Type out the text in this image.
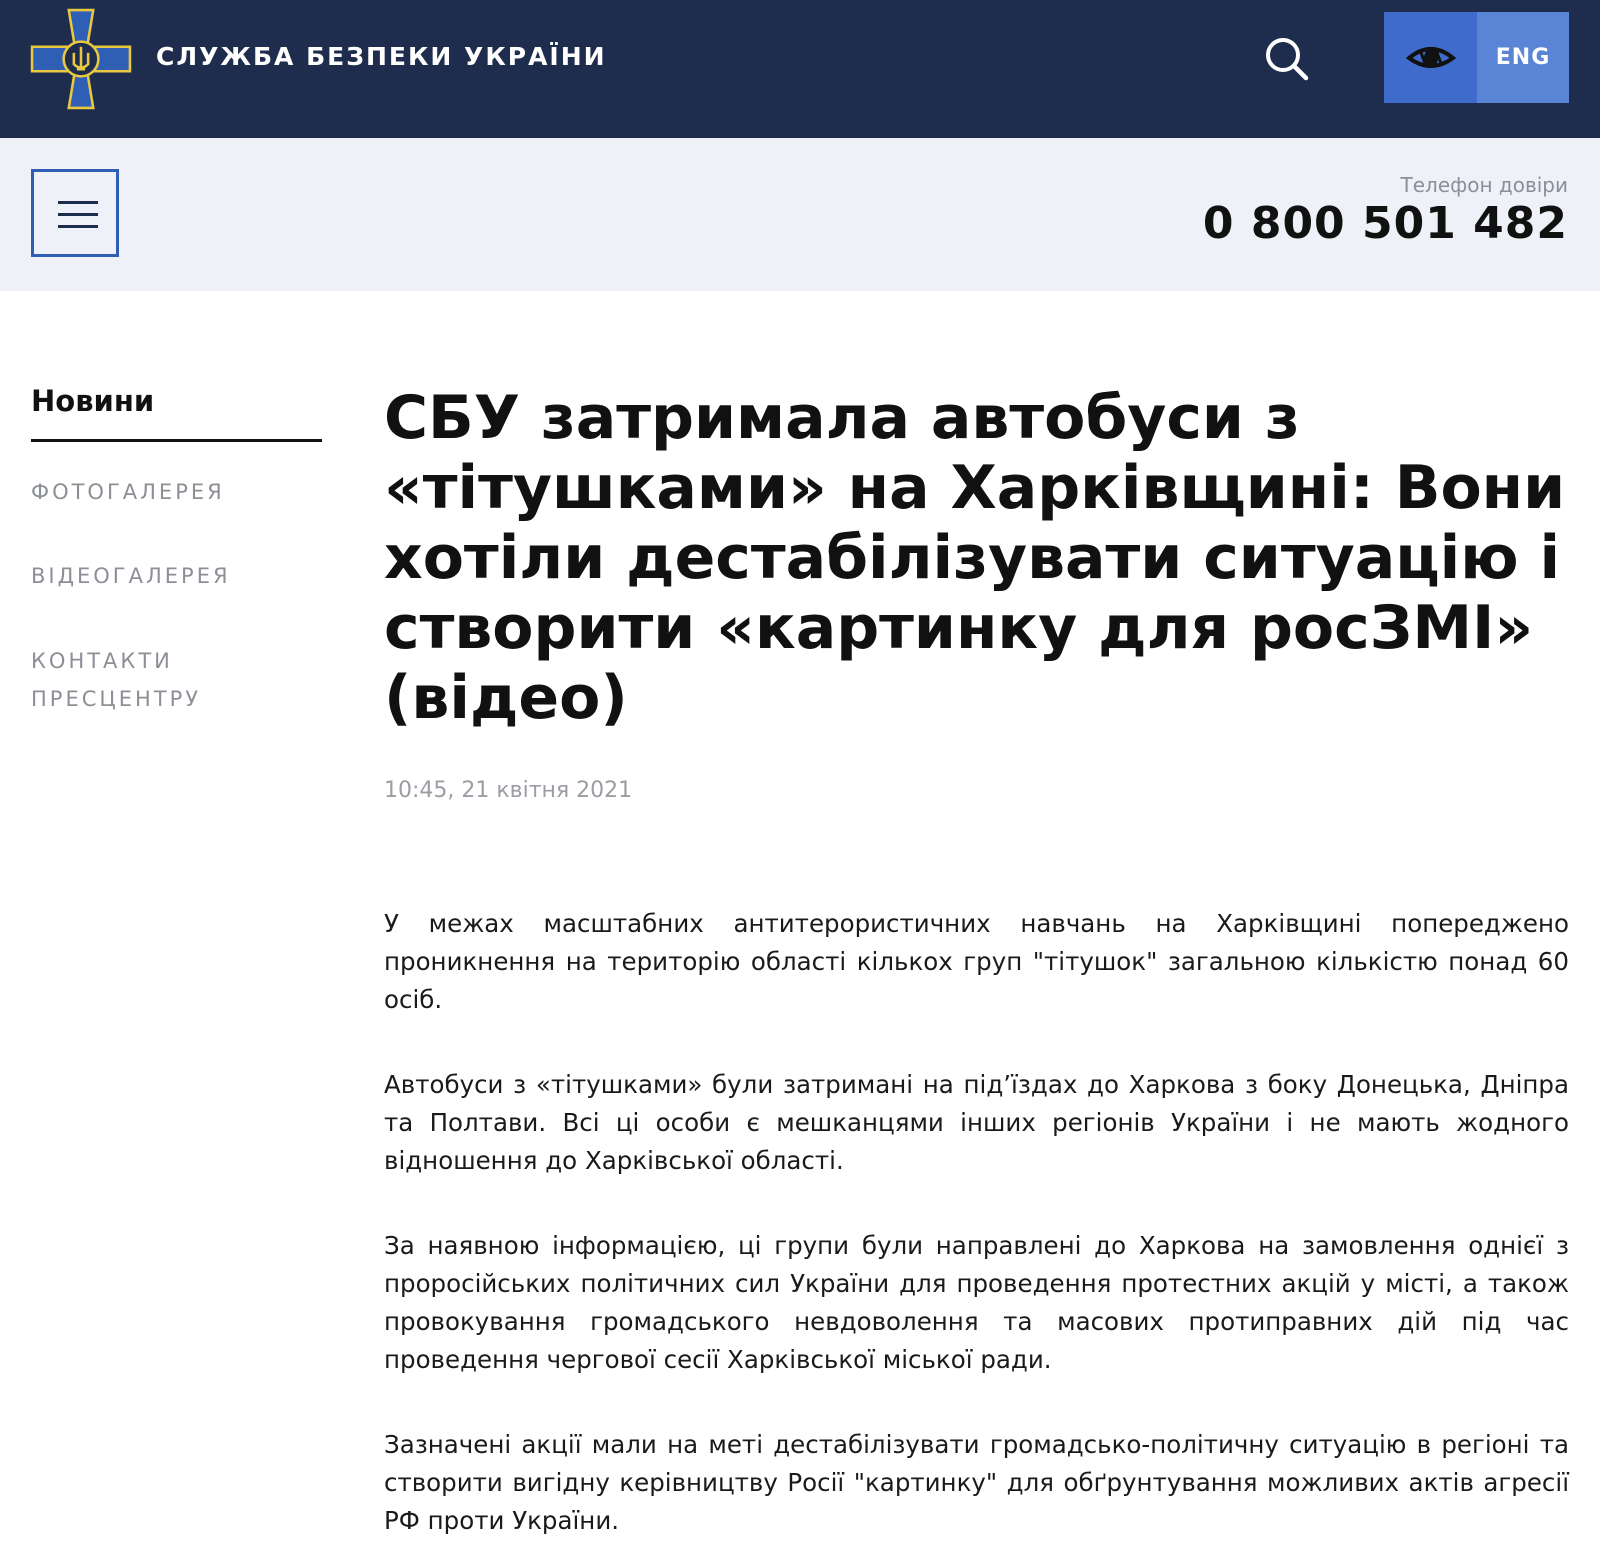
СЛУЖБА БЕЗПЕКИ УКРАЇНИ	ENG
Телефон довіри
0 800 501 482
Новини
ФОТОГАЛЕРЕЯ
ВІДЕОГАЛЕРЕЯ
КОНТАКТИ
ПРЕСЦЕНТРУ
СБУ затримала автобуси з «тітушками» на Харківщині: Вони хотіли дестабілізувати ситуацію і створити «картинку для росЗМІ» (відео)
10:45, 21 квітня 2021

У межах масштабних антитерористичних навчань на Харківщині попереджено проникнення на територію області кількох груп "тітушок" загальною кількістю понад 60 осіб.

Автобуси з «тітушками» були затримані на під’їздах до Харкова з боку Донецька, Дніпра та Полтави. Всі ці особи є мешканцями інших регіонів України і не мають жодного відношення до Харківської області.

За наявною інформацією, ці групи були направлені до Харкова на замовлення однієї з проросійських політичних сил України для проведення протестних акцій у місті, а також провокування громадського невдоволення та масових протиправних дій під час проведення чергової сесії Харківської міської ради.

Зазначені акції мали на меті дестабілізувати громадсько-політичну ситуацію в регіоні та створити вигідну керівництву Росії "картинку" для обґрунтування можливих актів агресії РФ проти України.
